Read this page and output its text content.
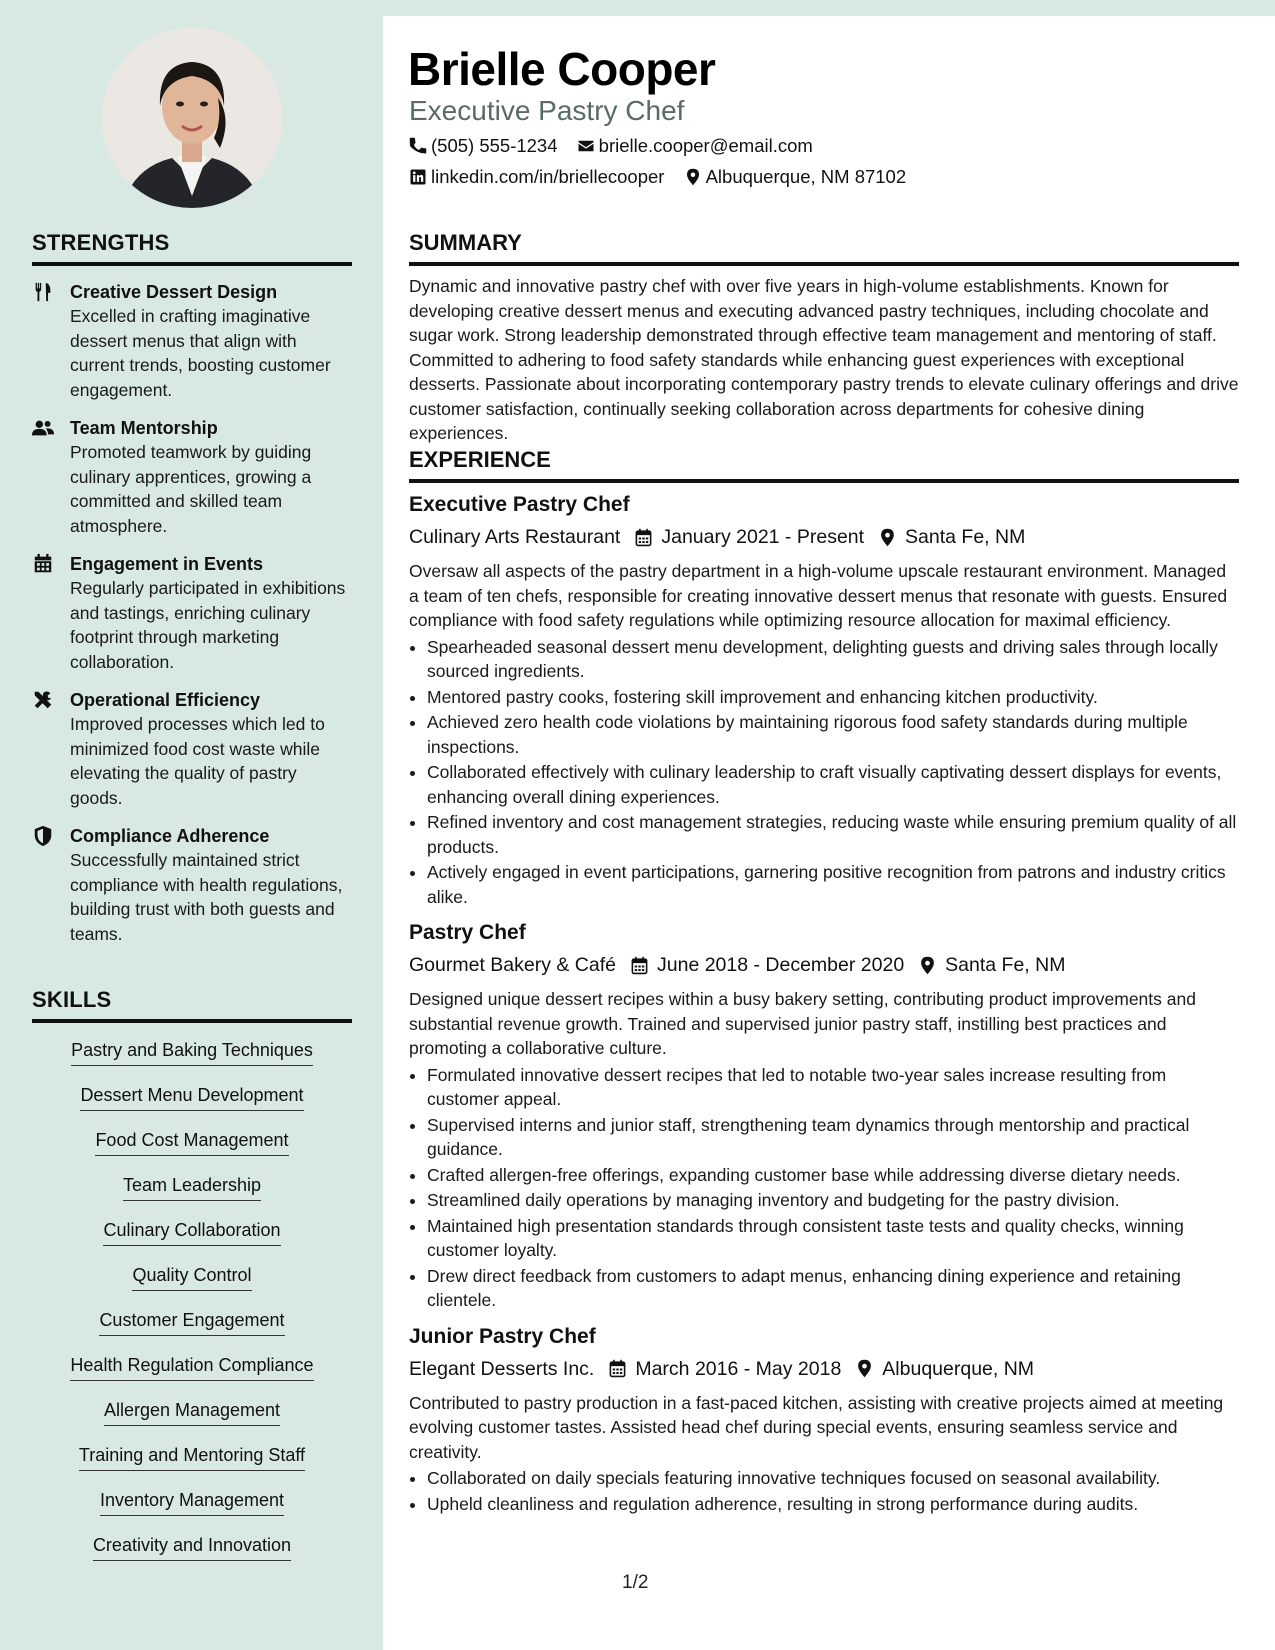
STRENGTHS
Creative Dessert Design
Excelled in crafting imaginative dessert menus that align with current trends, boosting customer engagement.
Team Mentorship
Promoted teamwork by guiding culinary apprentices, growing a committed and skilled team atmosphere.
Engagement in Events
Regularly participated in exhibitions and tastings, enriching culinary footprint through marketing collaboration.
Operational Efficiency
Improved processes which led to minimized food cost waste while elevating the quality of pastry goods.
Compliance Adherence
Successfully maintained strict compliance with health regulations, building trust with both guests and teams.
SKILLS
Pastry and Baking Techniques
Dessert Menu Development
Food Cost Management
Team Leadership
Culinary Collaboration
Quality Control
Customer Engagement
Health Regulation Compliance
Allergen Management
Training and Mentoring Staff
Inventory Management
Creativity and Innovation
Brielle Cooper
Executive Pastry Chef
(505) 555-1234
brielle.cooper@email.com
linkedin.com/in/briellecooper
Albuquerque, NM 87102
SUMMARY

Dynamic and innovative pastry chef with over five years in high-volume establishments. Known for developing creative dessert menus and executing advanced pastry techniques, including chocolate and sugar work. Strong leadership demonstrated through effective team management and mentoring of staff. Committed to adhering to food safety standards while enhancing guest experiences with exceptional desserts. Passionate about incorporating contemporary pastry trends to elevate culinary offerings and drive customer satisfaction, continually seeking collaboration across departments for cohesive dining experiences.

EXPERIENCE
Executive Pastry Chef
Culinary Arts Restaurant January 2021 - Present Santa Fe, NM

Oversaw all aspects of the pastry department in a high-volume upscale restaurant environment. Managed a team of ten chefs, responsible for creating innovative dessert menus that resonate with guests. Ensured compliance with food safety regulations while optimizing resource allocation for maximal efficiency.

• Spearheaded seasonal dessert menu development, delighting guests and driving sales through locally sourced ingredients.
• Mentored pastry cooks, fostering skill improvement and enhancing kitchen productivity.
• Achieved zero health code violations by maintaining rigorous food safety standards during multiple inspections.
• Collaborated effectively with culinary leadership to craft visually captivating dessert displays for events, enhancing overall dining experiences.
• Refined inventory and cost management strategies, reducing waste while ensuring premium quality of all products.
• Actively engaged in event participations, garnering positive recognition from patrons and industry critics alike.
Pastry Chef
Gourmet Bakery & Café June 2018 - December 2020 Santa Fe, NM

Designed unique dessert recipes within a busy bakery setting, contributing product improvements and substantial revenue growth. Trained and supervised junior pastry staff, instilling best practices and promoting a collaborative culture.

• Formulated innovative dessert recipes that led to notable two-year sales increase resulting from customer appeal.
• Supervised interns and junior staff, strengthening team dynamics through mentorship and practical guidance.
• Crafted allergen-free offerings, expanding customer base while addressing diverse dietary needs.
• Streamlined daily operations by managing inventory and budgeting for the pastry division.
• Maintained high presentation standards through consistent taste tests and quality checks, winning customer loyalty.
• Drew direct feedback from customers to adapt menus, enhancing dining experience and retaining clientele.
Junior Pastry Chef
Elegant Desserts Inc. March 2016 - May 2018 Albuquerque, NM

Contributed to pastry production in a fast-paced kitchen, assisting with creative projects aimed at meeting evolving customer tastes. Assisted head chef during special events, ensuring seamless service and creativity.

• Collaborated on daily specials featuring innovative techniques focused on seasonal availability.
• Upheld cleanliness and regulation adherence, resulting in strong performance during audits.
1/2
